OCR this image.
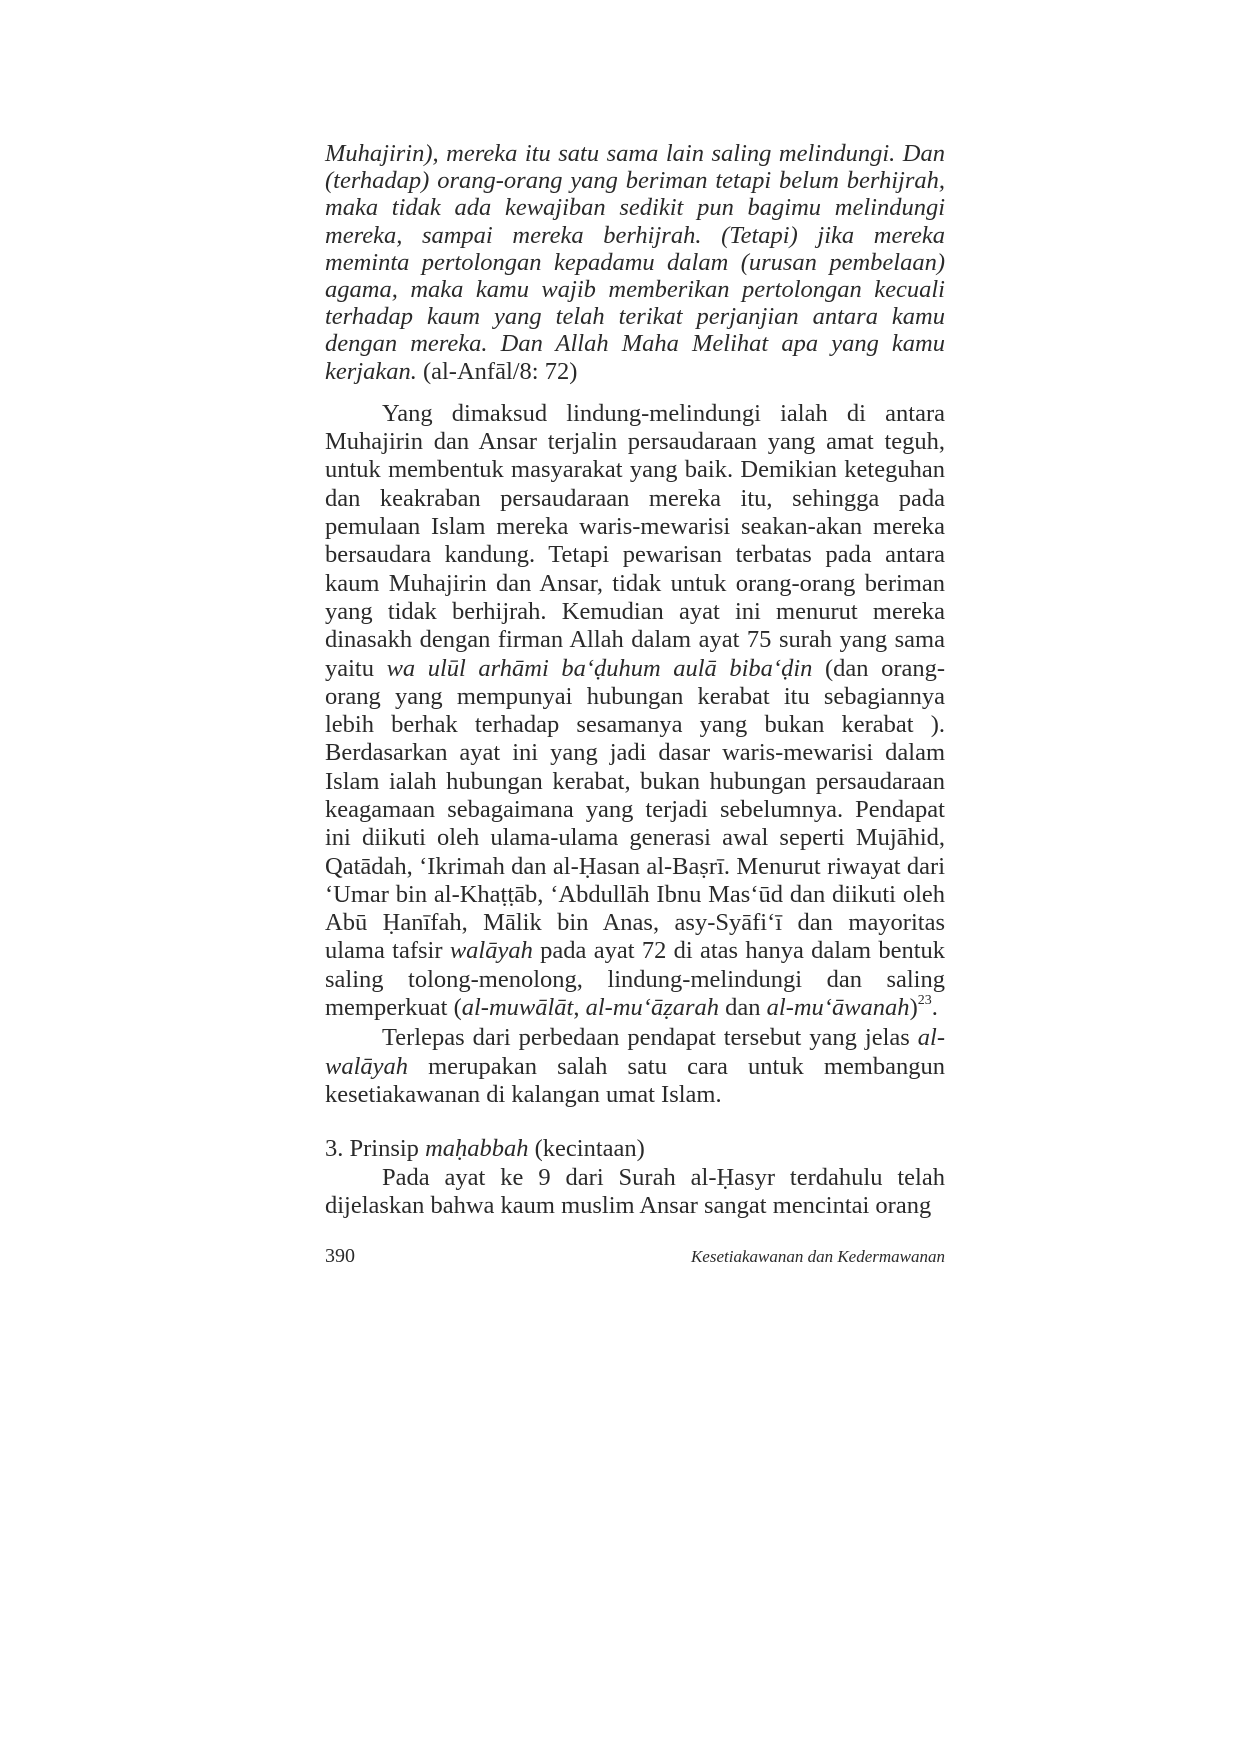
Muhajirin), mereka itu satu sama lain saling melindungi. Dan (terhadap) orang-orang yang beriman tetapi belum berhijrah, maka tidak ada kewajiban sedikit pun bagimu melindungi mereka, sampai mereka berhijrah. (Tetapi) jika mereka meminta pertolongan kepadamu dalam (urusan pembelaan) agama, maka kamu wajib memberikan pertolongan kecuali terhadap kaum yang telah terikat perjanjian antara kamu dengan mereka. Dan Allah Maha Melihat apa yang kamu kerjakan. (al-Anfāl/8: 72)

Yang dimaksud lindung-melindungi ialah di antara Muhajirin dan Ansar terjalin persaudaraan yang amat teguh, untuk membentuk masyarakat yang baik. Demikian keteguhan dan keakraban persaudaraan mereka itu, sehingga pada pemulaan Islam mereka waris-mewarisi seakan-akan mereka bersaudara kandung. Tetapi pewarisan terbatas pada antara kaum Muhajirin dan Ansar, tidak untuk orang-orang beriman yang tidak berhijrah. Kemudian ayat ini menurut mereka dinasakh dengan firman Allah dalam ayat 75 surah yang sama yaitu wa ulūl arhāmi ba‘ḍuhum aulā biba‘ḍin (dan orang-orang yang mempunyai hubungan kerabat itu sebagiannya lebih berhak terhadap sesamanya yang bukan kerabat ). Berdasarkan ayat ini yang jadi dasar waris-mewarisi dalam Islam ialah hubungan kerabat, bukan hubungan persaudaraan keagamaan sebagaimana yang terjadi sebelumnya. Pendapat ini diikuti oleh ulama-ulama generasi awal seperti Mujāhid, Qatādah, ‘Ikrimah dan al-Ḥasan al-Baṣrī. Menurut riwayat dari ‘Umar bin al-Khaṭṭāb, ‘Abdullāh Ibnu Mas‘ūd dan diikuti oleh Abū Ḥanīfah, Mālik bin Anas, asy-Syāfi‘ī dan mayoritas ulama tafsir walāyah pada ayat 72 di atas hanya dalam bentuk saling tolong-menolong, lindung-melindungi dan saling memperkuat (al-muwālāt, al-mu‘āẓarah dan al-mu‘āwanah)$^{23}$.

Terlepas dari perbedaan pendapat tersebut yang jelas al-walāyah merupakan salah satu cara untuk membangun kesetiakawanan di kalangan umat Islam.

3. Prinsip maḥabbah (kecintaan)

Pada ayat ke 9 dari Surah al-Ḥasyr terdahulu telah dijelaskan bahwa kaum muslim Ansar sangat mencintai orang

390	Kesetiakawanan dan Kedermawanan
